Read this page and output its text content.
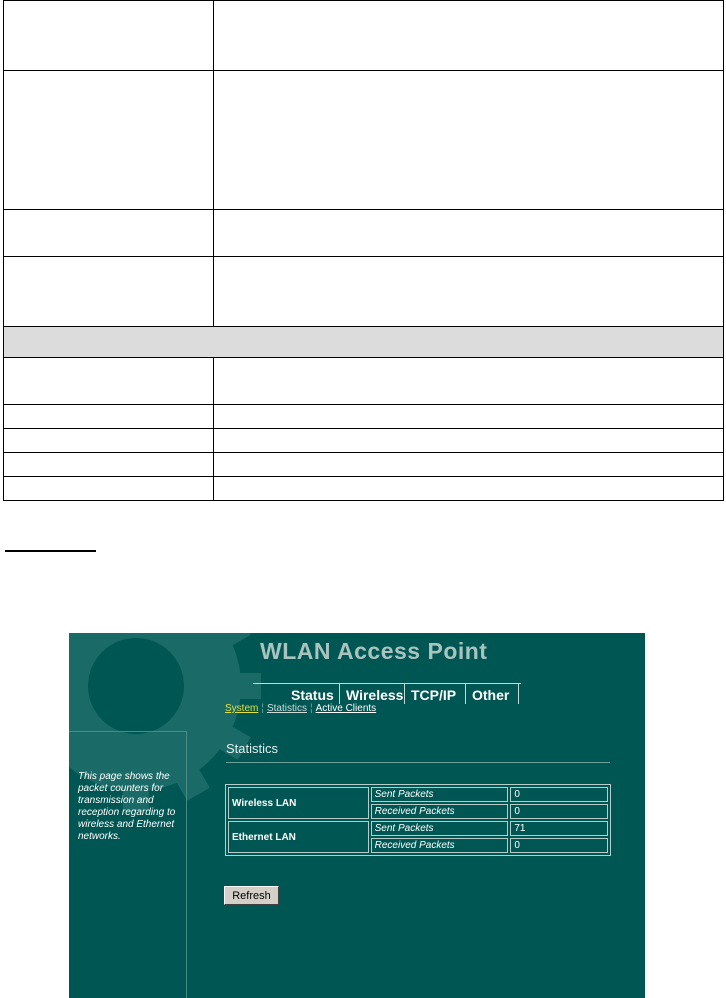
WLAN Access Point
Status Wireless TCP/IP Other
System ¦ Statistics ¦ Active Clients

This page shows the packet counters for transmission and reception regarding to wireless and Ethernet networks.

Statistics
Wireless LAN	Sent Packets	0
	Received Packets	0
Ethernet LAN	Sent Packets	71
	Received Packets	0
Refresh
